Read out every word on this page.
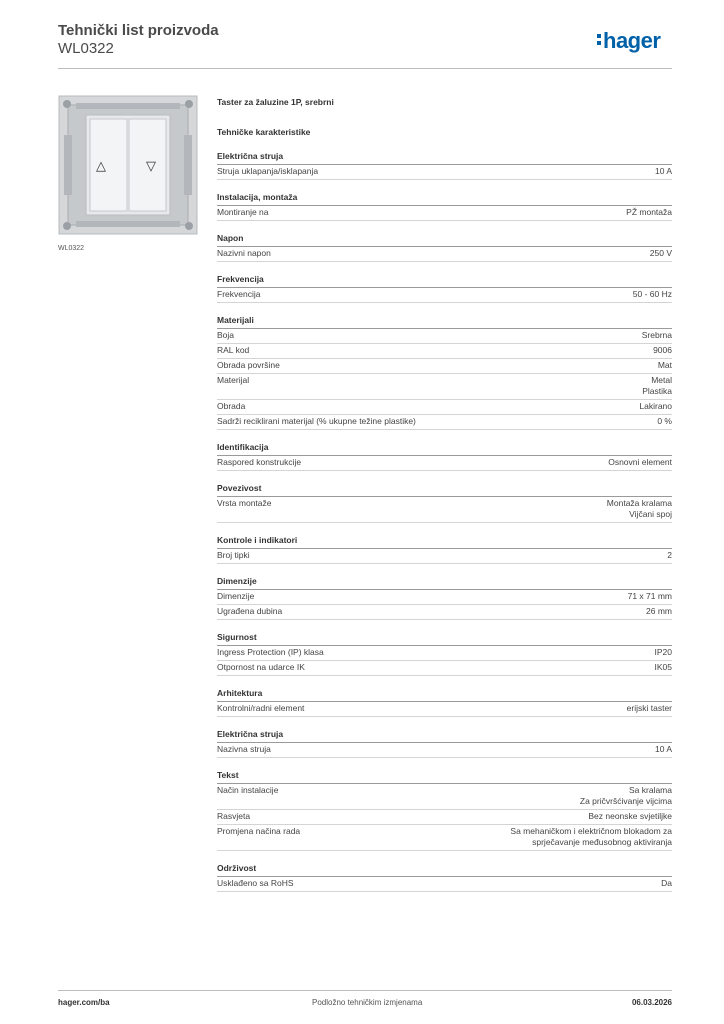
Tehnički list proizvoda
WL0322	hager
△	▽
WL0322
Taster za žaluzine 1P, srebrni
Tehničke karakteristike
Električna struja
Struja uklapanja/isklapanja	10 A
Instalacija, montaža
Montiranje na	PŽ montaža
Napon
Nazivni napon	250 V
Frekvencija
Frekvencija	50 - 60 Hz
Materijali
Boja	Srebrna
RAL kod	9006
Obrada površine	Mat
Materijal	Metal
Plastika
Obrada	Lakirano
Sadrži reciklirani materijal (% ukupne težine plastike)	0 %
Identifikacija
Raspored konstrukcije	Osnovni element
Povezivost
Vrsta montaže	Montaža kralama
Vijčani spoj
Kontrole i indikatori
Broj tipki	2
Dimenzije
Dimenzije	71 x 71 mm
Ugrađena dubina	26 mm
Sigurnost
Ingress Protection (IP) klasa	IP20
Otpornost na udarce IK	IK05
Arhitektura
Kontrolni/radni element	erijski taster
Električna struja
Nazivna struja	10 A
Tekst
Način instalacije	Sa kralama
Za pričvršćivanje vijcima
Rasvjeta	Bez neonske svjetiljke
Promjena načina rada	Sa mehaničkom i električnom blokadom za
sprječavanje međusobnog aktiviranja
Održivost
Usklađeno sa RoHS	Da
hager.com/ba	Podložno tehničkim izmjenama	06.03.2026
